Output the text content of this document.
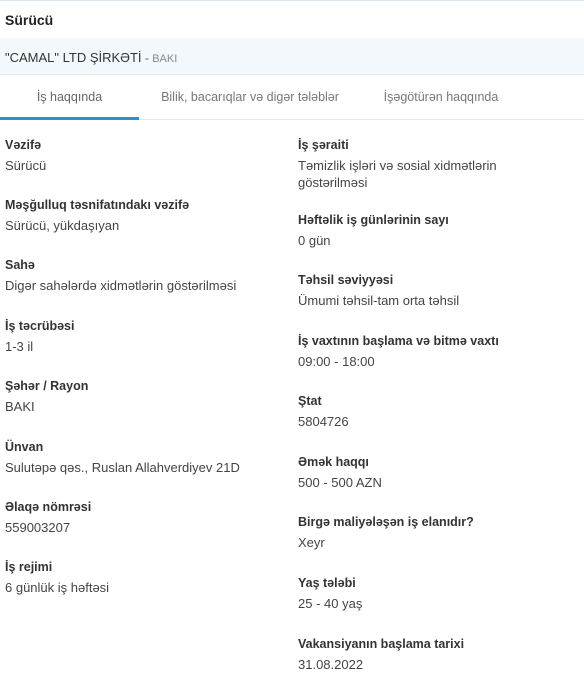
Sürücü
"CAMAL" LTD ŞİRKƏTİ - BAKI
İş haqqında	Bilik, bacarıqlar və digər tələblər	İşəgötürən haqqında
Vəzifə
Sürücü
Məşğulluq təsnifatındakı vəzifə
Sürücü, yükdaşıyan
Sahə
Digər sahələrdə xidmətlərin göstərilməsi
İş təcrübəsi
1-3 il
Şəhər / Rayon
BAKI
Ünvan
Sulutəpə qəs., Ruslan Allahverdiyev 21D
Əlaqə nömrəsi
559003207
İş rejimi
6 günlük iş həftəsi
İş şəraiti
Təmizlik işləri və sosial xidmətlərin göstərilməsi
Həftəlik iş günlərinin sayı
0 gün
Təhsil səviyyəsi
Ümumi təhsil-tam orta təhsil
İş vaxtının başlama və bitmə vaxtı
09:00 - 18:00
Ştat
5804726
Əmək haqqı
500 - 500 AZN
Birgə maliyələşən iş elanıdır?
Xeyr
Yaş tələbi
25 - 40 yaş
Vakansiyanın başlama tarixi
31.08.2022
